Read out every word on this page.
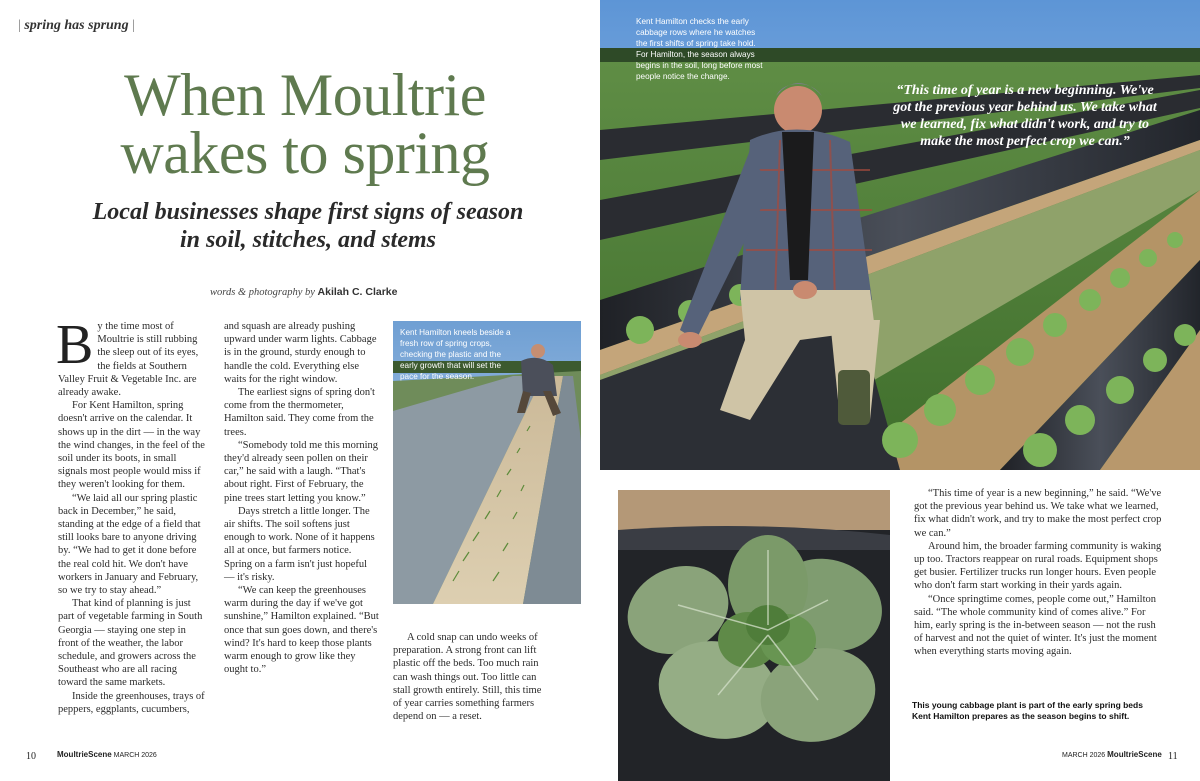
| spring has sprung |
When Moultrie
wakes to spring
Local businesses shape first signs of season in soil, stitches, and stems
words & photography by Akilah C. Clarke

By the time most of Moultrie is still rubbing the sleep out of its eyes, the fields at Southern Valley Fruit & Vegetable Inc. are already awake.

For Kent Hamilton, spring doesn't arrive on the calendar. It shows up in the dirt — in the way the wind changes, in the feel of the soil under its boots, in small signals most people would miss if they weren't looking for them.

“We laid all our spring plastic back in December,” he said, standing at the edge of a field that still looks bare to anyone driving by. “We had to get it done before the real cold hit. We don't have workers in January and February, so we try to stay ahead.”

That kind of planning is just part of vegetable farming in South Georgia — staying one step in front of the weather, the labor schedule, and growers across the Southeast who are all racing toward the same markets.

Inside the greenhouses, trays of peppers, eggplants, cucumbers,

and squash are already pushing upward under warm lights. Cabbage is in the ground, sturdy enough to handle the cold. Everything else waits for the right window.

The earliest signs of spring don't come from the thermometer, Hamilton said. They come from the trees.

“Somebody told me this morning they'd already seen pollen on their car,” he said with a laugh. “That's about right. First of February, the pine trees start letting you know.”

Days stretch a little longer. The air shifts. The soil softens just enough to work. None of it happens all at once, but farmers notice. Spring on a farm isn't just hopeful — it's risky.

“We can keep the greenhouses warm during the day if we've got sunshine,” Hamilton explained. “But once that sun goes down, and there's wind? It's hard to keep those plants warm enough to grow like they ought to.”

Kent Hamilton kneels beside a fresh row of spring crops, checking the plastic and the early growth that will set the pace for the season.

A cold snap can undo weeks of preparation. A strong front can lift plastic off the beds. Too much rain can wash things out. Too little can stall growth entirely. Still, this time of year carries something farmers depend on — a reset.

10	MoultrieScene MARCH 2026
Kent Hamilton checks the early cabbage rows where he watches the first shifts of spring take hold. For Hamilton, the season always begins in the soil, long before most people notice the change.
“This time of year is a new beginning. We've got the previous year behind us. We take what we learned, fix what didn't work, and try to make the most perfect crop we can.”

“This time of year is a new beginning,” he said. “We've got the previous year behind us. We take what we learned, fix what didn't work, and try to make the most perfect crop we can.”

Around him, the broader farming community is waking up too. Tractors reappear on rural roads. Equipment shops get busier. Fertilizer trucks run longer hours. Even people who don't farm start working in their yards again.

“Once springtime comes, people come out,” Hamilton said. “The whole community kind of comes alive.” For him, early spring is the in-between season — not the rush of harvest and not the quiet of winter. It's just the moment when everything starts moving again.

This young cabbage plant is part of the early spring beds Kent Hamilton prepares as the season begins to shift.
MARCH 2026 MoultrieScene 11
